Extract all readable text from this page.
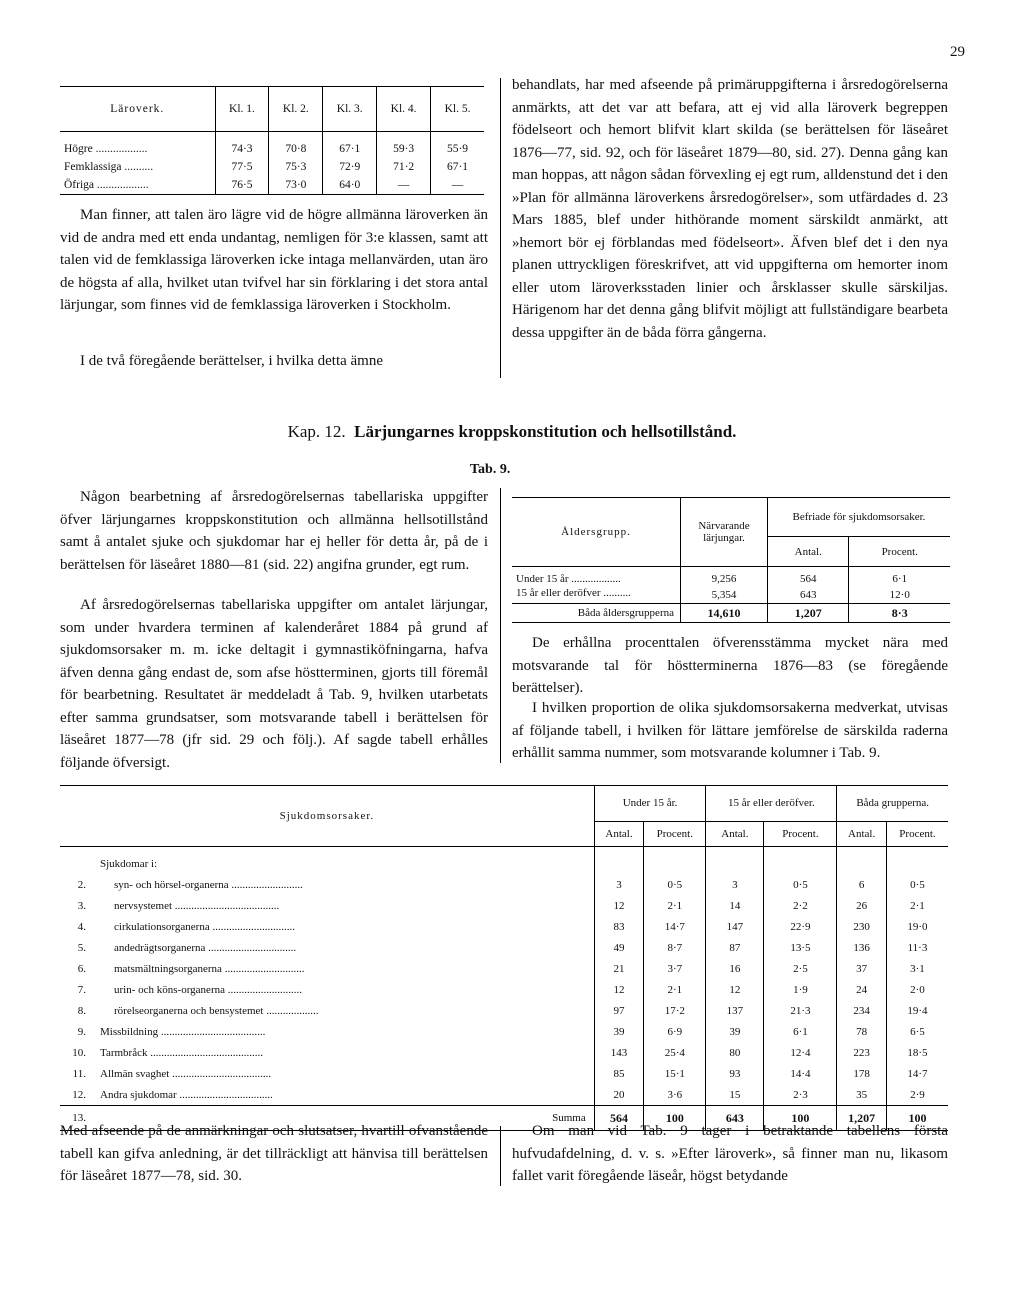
29
Läroverk.	Kl. 1.	Kl. 2.	Kl. 3.	Kl. 4.	Kl. 5.
Högre ..................	74·3	70·8	67·1	59·3	55·9
Femklassiga ..........	77·5	75·3	72·9	71·2	67·1
Öfriga ..................	76·5	73·0	64·0	—	—

Man finner, att talen äro lägre vid de högre allmänna läroverken än vid de andra med ett enda undantag, nemligen för 3:e klassen, samt att talen vid de femklassiga läroverken icke intaga mellanvärden, utan äro de högsta af alla, hvilket utan tvifvel har sin förklaring i det stora antal lärjungar, som finnes vid de femklassiga läroverken i Stockholm.

I de två föregående berättelser, i hvilka detta ämne

behandlats, har med afseende på primäruppgifterna i årsredogörelserna anmärkts, att det var att befara, att ej vid alla läroverk begreppen födelseort och hemort blifvit klart skilda (se berättelsen för läseåret 1876—77, sid. 92, och för läseåret 1879—80, sid. 27). Denna gång kan man hoppas, att någon sådan förvexling ej egt rum, alldenstund det i den »Plan för allmänna läroverkens årsredogörelser», som utfärdades d. 23 Mars 1885, blef under hithörande moment särskildt anmärkt, att »hemort bör ej förblandas med födelseort». Äfven blef det i den nya planen uttryckligen föreskrifvet, att vid uppgifterna om hemorter inom eller utom läroverksstaden linier och årsklasser skulle särskiljas. Härigenom har det denna gång blifvit möjligt att fullständigare bearbeta dessa uppgifter än de båda förra gångerna.

Kap. 12. Lärjungarnes kroppskonstitution och hellsotillstånd.
Tab. 9.

Någon bearbetning af årsredogörelsernas tabellariska uppgifter öfver lärjungarnes kroppskonstitution och allmänna hellsotillstånd samt å antalet sjuke och sjukdomar har ej heller för detta år, på de i berättelsen för läseåret 1880—81 (sid. 22) angifna grunder, egt rum.

Af årsredogörelsernas tabellariska uppgifter om antalet lärjungar, som under hvardera terminen af kalenderåret 1884 på grund af sjukdomsorsaker m. m. icke deltagit i gymnastiköfningarna, hafva äfven denna gång endast de, som afse höstterminen, gjorts till föremål för bearbetning. Resultatet är meddeladt å Tab. 9, hvilken utarbetats efter samma grundsatser, som motsvarande tabell i berättelsen för läseåret 1877—78 (jfr sid. 29 och följ.). Af sagde tabell erhålles följande öfversigt.

Åldersgrupp.	Närvarande lärjungar.	Befriade för sjukdomsorsaker.	
		Antal.	Procent.
Under 15 år ..................	9,256	564	6·1
15 år eller deröfver ..........	5,354	643	12·0
Båda åldersgrupperna	14,610	1,207	8·3

De erhållna procenttalen öfverensstämma mycket nära med motsvarande tal för höstterminerna 1876—83 (se föregående berättelser).

I hvilken proportion de olika sjukdomsorsakerna medverkat, utvisas af följande tabell, i hvilken för lättare jemförelse de särskilda raderna erhållit samma nummer, som motsvarande kolumner i Tab. 9.

Sjukdomsorsaker.		Under 15 år.		15 år eller deröfver.		Båda grupperna.	
		Antal.	Procent.	Antal.	Procent.	Antal.	Procent.
	Sjukdomar i:						
2.	syn- och hörsel-organerna ..........................	3	0·5	3	0·5	6	0·5
3.	nervsystemet ......................................	12	2·1	14	2·2	26	2·1
4.	cirkulationsorganerna ..............................	83	14·7	147	22·9	230	19·0
5.	andedrägtsorganerna ................................	49	8·7	87	13·5	136	11·3
6.	matsmältningsorganerna .............................	21	3·7	16	2·5	37	3·1
7.	urin- och köns-organerna ...........................	12	2·1	12	1·9	24	2·0
8.	rörelseorganerna och bensystemet ...................	97	17·2	137	21·3	234	19·4
9.	Missbildning ......................................	39	6·9	39	6·1	78	6·5
10.	Tarmbråck .........................................	143	25·4	80	12·4	223	18·5
11.	Allmän svaghet ....................................	85	15·1	93	14·4	178	14·7
12.	Andra sjukdomar ..................................	20	3·6	15	2·3	35	2·9
13.	Summa	564	100	643	100	1,207	100

Med afseende på de anmärkningar och slutsatser, hvartill ofvanstående tabell kan gifva anledning, är det tillräckligt att hänvisa till berättelsen för läseåret 1877—78, sid. 30.

Om man vid Tab. 9 tager i betraktande tabellens första hufvudafdelning, d. v. s. »Efter läroverk», så finner man nu, likasom fallet varit föregående läseår, högst betydande
